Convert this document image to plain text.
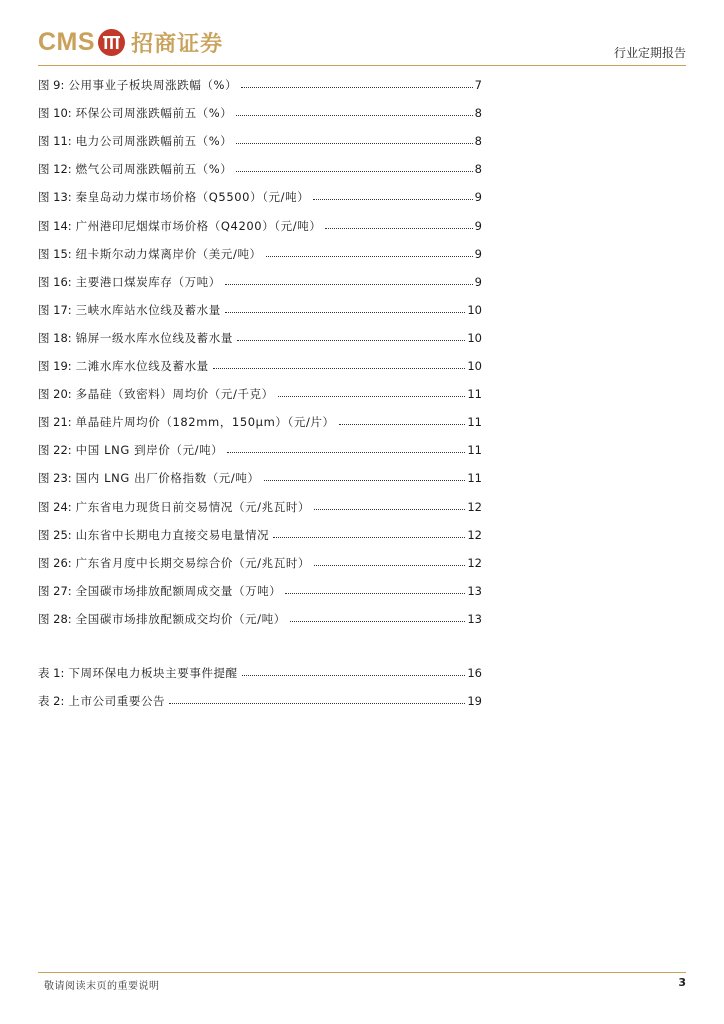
CMS 招商证券	行业定期报告
图 9: 公用事业子板块周涨跌幅（%）	7
图 10: 环保公司周涨跌幅前五（%）	8
图 11: 电力公司周涨跌幅前五（%）	8
图 12: 燃气公司周涨跌幅前五（%）	8
图 13: 秦皇岛动力煤市场价格（Q5500）（元/吨）	9
图 14: 广州港印尼烟煤市场价格（Q4200）（元/吨）	9
图 15: 纽卡斯尔动力煤离岸价（美元/吨）	9
图 16: 主要港口煤炭库存（万吨）	9
图 17: 三峡水库站水位线及蓄水量	10
图 18: 锦屏一级水库水位线及蓄水量	10
图 19: 二滩水库水位线及蓄水量	10
图 20: 多晶硅（致密料）周均价（元/千克）	11
图 21: 单晶硅片周均价（182mm，150μm）（元/片）	11
图 22: 中国 LNG 到岸价（元/吨）	11
图 23: 国内 LNG 出厂价格指数（元/吨）	11
图 24: 广东省电力现货日前交易情况（元/兆瓦时）	12
图 25: 山东省中长期电力直接交易电量情况	12
图 26: 广东省月度中长期交易综合价（元/兆瓦时）	12
图 27: 全国碳市场排放配额周成交量（万吨）	13
图 28: 全国碳市场排放配额成交均价（元/吨）	13
表 1: 下周环保电力板块主要事件提醒	16
表 2: 上市公司重要公告	19
敬请阅读末页的重要说明	3
